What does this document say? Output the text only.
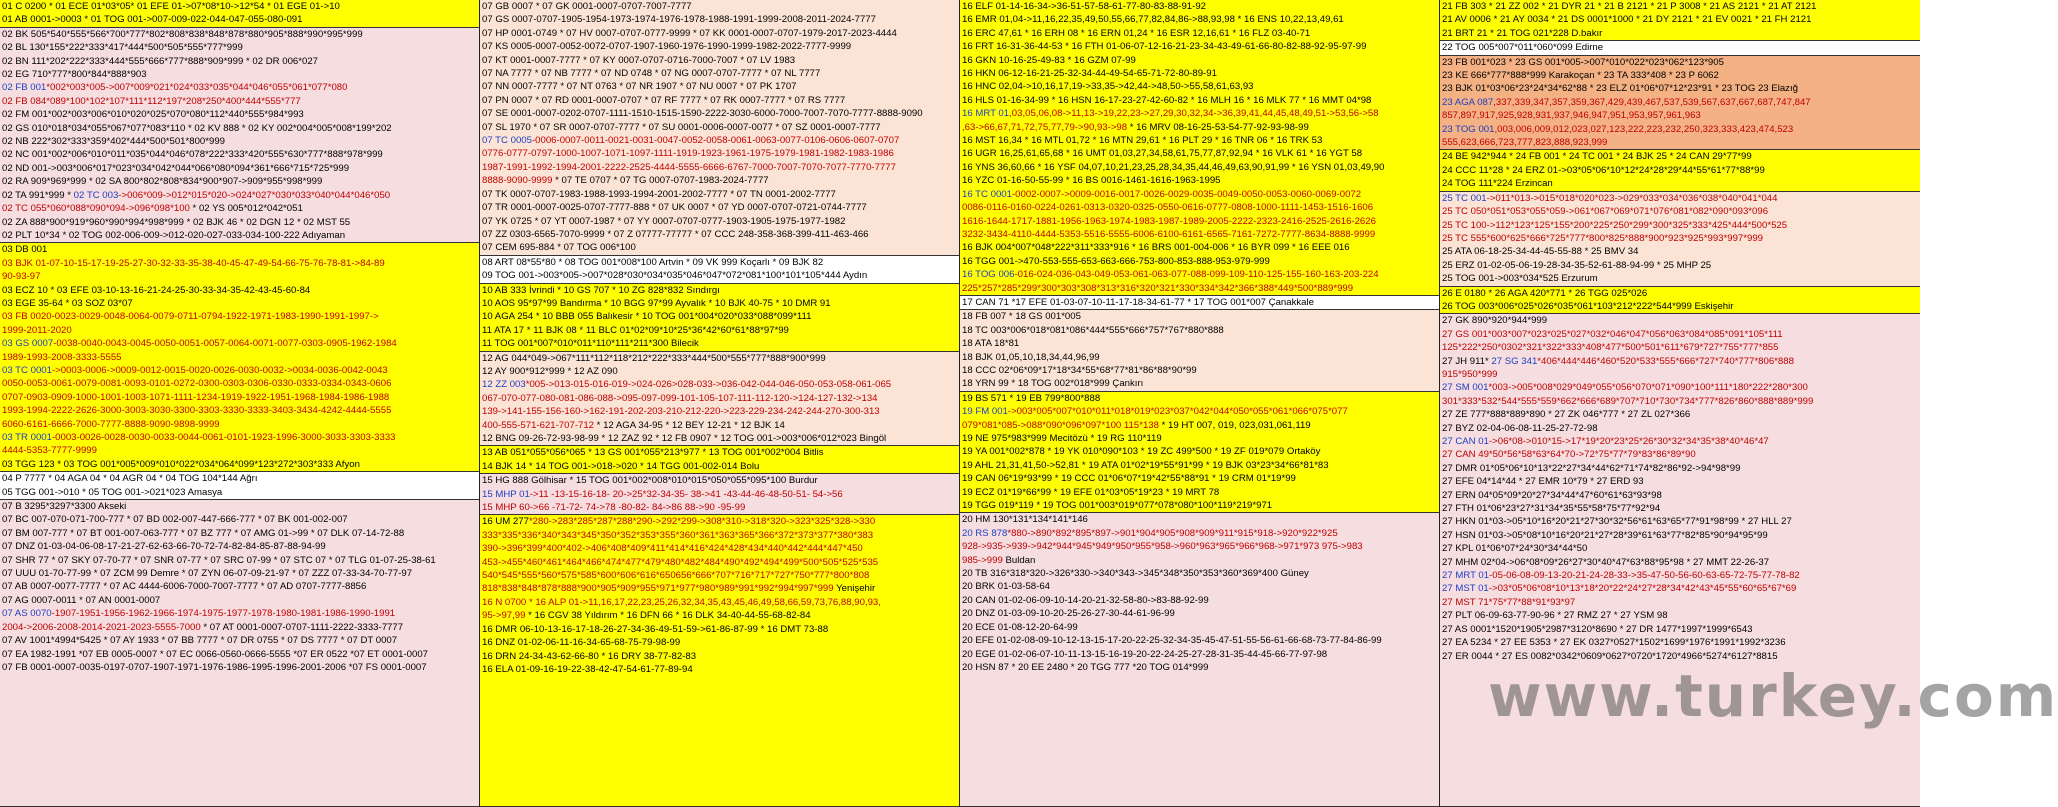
01 C 0200 * 01 ECE 01*03*05* 01 EFE 01->07*08*10->12*54 * 01 EGE 01->10
01 AB 0001->0003 * 01 TOG 001->007-009-022-044-047-055-080-091
02 BK 505*540*555*566*700*777*802*808*838*848*878*880*905*888*990*995*999
02 BL 130*155*222*333*417*444*500*505*555*777*999
02 BN 111*202*222*333*444*555*666*777*888*909*999 * 02 DR 006*027
02 EG 710*777*800*844*888*903
02 FB 001*002*003*005->007*009*021*024*033*035*044*046*055*061*077*080
02 FB 084*089*100*102*107*111*112*197*208*250*400*444*555*777
02 FM 001*002*003*006*010*020*025*070*080*112*440*555*984*993
02 GS 010*018*034*055*067*077*083*110 * 02 KV 888 * 02 KY 002*004*005*008*199*202
02 NB 222*302*333*359*402*444*500*501*800*999
02 NC 001*002*006*010*011*035*044*046*078*222*333*420*555*630*777*888*978*999
02 ND 001->003*006*017*023*034*042*044*066*080*094*361*666*715*725*999
02 RA 909*969*999 * 02 SA 800*802*808*834*900*907->909*955*998*999
02 TA 991*999 * 02 TC 003->006*009->012*015*020->024*027*030*033*040*044*046*050
02 TC 055*060*088*090*094->096*098*100 * 02 YS 005*012*042*051
02 ZA 888*900*919*960*990*994*998*999 * 02 BJK 46 * 02 DGN 12 * 02 MST 55
02 PLT 10*34 * 02 TOG 002-006-009->012-020-027-033-034-100-222 Adıyaman
03 DB 001
03 BJK 01-07-10-15-17-19-25-27-30-32-33-35-38-40-45-47-49-54-66-75-76-78-81->84-89
90-93-97
03 ECZ 10 * 03 EFE 03-10-13-16-21-24-25-30-33-34-35-42-43-45-60-84
03 EGE 35-64 * 03 SOZ 03*07
03 FB 0020-0023-0029-0048-0064-0079-0711-0794-1922-1971-1983-1990-1991-1997->
1999-2011-2020
03 GS 0007-0038-0040-0043-0045-0050-0051-0057-0064-0071-0077-0303-0905-1962-1984
1989-1993-2008-3333-5555
03 TC 0001->0003-0006->0009-0012-0015-0020-0026-0030-0032->0034-0036-0042-0043
0050-0053-0061-0079-0081-0093-0101-0272-0300-0303-0306-0330-0333-0334-0343-0606
0707-0903-0909-1000-1001-1003-1071-1111-1234-1919-1922-1951-1968-1984-1986-1988
1993-1994-2222-2626-3000-3003-3030-3300-3303-3330-3333-3403-3434-4242-4444-5555
6060-6161-6666-7000-7777-8888-9090-9898-9999
03 TR 0001-0003-0026-0028-0030-0033-0044-0061-0101-1923-1996-3000-3033-3303-3333
4444-5353-7777-9999
03 TGG 123 * 03 TOG 001*005*009*010*022*034*064*099*123*272*303*333 Afyon
04 P 7777 * 04 AGA 04 * 04 AGR 04 * 04 TOG 104*144 Ağrı
05 TGG 001->010 * 05 TOG 001->021*023 Amasya
07 B 3295*3297*3300 Akseki
07 BC 007-070-071-700-777 * 07 BD 002-007-447-666-777 * 07 BK 001-002-007
07 BM 007-777 * 07 BT 001-007-063-777 * 07 BZ 777 * 07 AMG 01->99 * 07 DLK 07-14-72-88
07 DNZ 01-03-04-06-08-17-21-27-62-63-66-70-72-74-82-84-85-87-88-94-99
07 SHR 77 * 07 SKY 07-70-77 * 07 SNR 07-77 * 07 SRC 07-99 * 07 STC 07 * 07 TLG 01-07-25-38-61
07 UUU 01-70-77-99 * 07 ZCM 99 Demre * 07 ZYN 06-07-09-21-97 * 07 ZZZ 07-33-34-70-77-97
07 AB 0007-0077-7777 * 07 AC 4444-6006-7000-7007-7777 * 07 AD 0707-7777-8856
07 AG 0007-0011 * 07 AN 0001-0007
07 AS 0070-1907-1951-1956-1962-1966-1974-1975-1977-1978-1980-1981-1986-1990-1991
2004->2006-2008-2014-2021-2023-5555-7000 * 07 AT 0001-0007-0707-1111-2222-3333-7777
07 AV 1001*4994*5425 * 07 AY 1933 * 07 BB 7777 * 07 DR 0755 * 07 DS 7777 * 07 DT 0007
07 EA 1982-1991 *07 EB 0005-0007 * 07 EC 0066-0560-0666-5555 *07 ER 0522 *07 ET 0001-0007
07 FB 0001-0007-0035-0197-0707-1907-1971-1976-1986-1995-1996-2001-2006 *07 FS 0001-0007
07 GB 0007 * 07 GK 0001-0007-0707-7007-7777
07 GS 0007-0707-1905-1954-1973-1974-1976-1978-1988-1991-1999-2008-2011-2024-7777
07 HP 0001-0749 * 07 HV 0007-0707-0777-9999 * 07 KK 0001-0007-0707-1979-2017-2023-4444
07 KS 0005-0007-0052-0072-0707-1907-1960-1976-1990-1999-1982-2022-7777-9999
07 KT 0001-0007-7777 * 07 KY 0007-0707-0716-7000-7007 * 07 LV 1983
07 NA 7777 * 07 NB 7777 * 07 ND 0748 * 07 NG 0007-0707-7777 * 07 NL 7777
07 NN 0007-7777 * 07 NT 0763 * 07 NR 1907 * 07 NU 0007 * 07 PK 1707
07 PN 0007 * 07 RD 0001-0007-0707 * 07 RF 7777 * 07 RK 0007-7777 * 07 RS 7777
07 SE 0001-0007-0202-0707-1111-1510-1515-1590-2222-3030-6000-7000-7007-7070-7777-8888-9090
07 SL 1970 * 07 SR 0007-0707-7777 * 07 SU 0001-0006-0007-0077 * 07 SZ 0001-0007-7777
07 TC 0005-0006-0007-0011-0021-0031-0047-0052-0058-0061-0063-0077-0106-0606-0607-0707
0776-0777-0797-1000-1007-1071-1097-1111-1919-1923-1961-1975-1979-1981-1982-1983-1986
1987-1991-1992-1994-2001-2222-2525-4444-5555-6666-6767-7000-7007-7070-7077-7770-7777
8888-9090-9999 * 07 TE 0707 * 07 TG 0007-0707-1983-2024-7777
07 TK 0007-0707-1983-1988-1993-1994-2001-2002-7777 * 07 TN 0001-2002-7777
07 TR 0001-0007-0025-0707-7777-888 * 07 UK 0007 * 07 YD 0007-0707-0721-0744-7777
07 YK 0725 * 07 YT 0007-1987 * 07 YY 0007-0707-0777-1903-1905-1975-1977-1982
07 ZZ 0303-6565-7070-9999 * 07 Z 07777-77777 * 07 CCC 248-358-368-399-411-463-466
07 CEM 695-884 * 07 TOG 006*100
08 ART 08*55*80 * 08 TOG 001*008*100 Artvin * 09 VK 999 Koçarlı * 09 BJK 82
09 TOG 001->003*005->007*028*030*034*035*046*047*072*081*100*101*105*444 Aydın
10 AB 333 İvrindi * 10 GS 707 * 10 ZG 828*832 Sındırgı
10 AOS 95*97*99 Bandırma * 10 BGG 97*99 Ayvalık * 10 BJK 40-75 * 10 DMR 91
10 AGA 254 * 10 BBB 055 Balıkesir * 10 TOG 001*004*020*033*088*099*111
11 ATA 17 * 11 BJK 08 * 11 BLC 01*02*09*10*25*36*42*60*61*88*97*99
11 TOG 001*007*010*011*110*111*211*300 Bilecik
12 AG 044*049->067*111*112*118*212*222*333*444*500*555*777*888*900*999
12 AY 900*912*999 * 12 AZ 090
12 ZZ 003*005->013-015-016-019->024-026>028-033->036-042-044-046-050-053-058-061-065
067-070-077-080-081-086-088->095-097-099-101-105-107-111-112-120->124-127-132->134
139->141-155-156-160->162-191-202-203-210-212-220->223-229-234-242-244-270-300-313
400-555-571-621-707-712 * 12 AGA 34-95 * 12 BEY 12-21 * 12 BJK 14
12 BNG 09-26-72-93-98-99 * 12 ZAZ 92 * 12 FB 0907 * 12 TOG 001->003*006*012*023 Bingöl
13 AB 051*055*056*065 * 13 GS 001*055*213*977 * 13 TOG 001*002*004 Bitlis
14 BJK 14 * 14 TOG 001->018->020 * 14 TGG 001-002-014 Bolu
15 HG 888 Gölhisar * 15 TOG 001*002*008*010*015*050*055*095*100 Burdur
15 MHP 01->11 -13-15-16-18- 20->25*32-34-35- 38->41 -43-44-46-48-50-51- 54->56
15 MHP 60->66 -71-72- 74->78 -80-82- 84->86 88->90 -95-99
16 UM 277*280->283*285*287*288*290->292*299->308*310->318*320->323*325*328->330
333*335*336*340*343*345*350*352*353*355*360*361*363*365*366*372*373*377*380*383
390->396*399*400*402->406*408*409*411*414*416*424*428*434*440*442*444*447*450
453->455*460*461*464*466*474*477*479*480*482*484*490*492*494*499*500*505*525*535
540*545*555*560*575*585*600*606*616*650656*666*707*716*717*727*750*777*800*808
818*838*848*878*888*900*905*909*955*971*977*980*989*991*992*994*997*999 Yenişehir
16 N 0700 * 16 ALP 01->11,16,17,22,23,25,26,32,34,35,43,45,46,49,58,66,59,73,76,88,90,93,
95->97,99 * 16 CGV 38 Yıldırım * 16 DFN 66 * 16 DLK 34-40-44-55-68-82-84
16 DMR 06-10-13-16-17-18-26-27-34-36-49-51-59->61-86-87-99 * 16 DMT 73-88
16 DNZ 01-02-06-11-16-34-65-68-75-79-98-99
16 DRN 24-34-43-62-66-80 * 16 DRY 38-77-82-83
16 ELA 01-09-16-19-22-38-42-47-54-61-77-89-94
16 ELF 01-14-16-34->36-51-57-58-61-77-80-83-88-91-92
16 EMR 01,04->11,16,22,35,49,50,55,66,77,82,84,86->88,93,98 * 16 ENS 10,22,13,49,61
16 ERC 47,61 * 16 ERH 08 * 16 ERN 01,24 * 16 ESR 12,16,61 * 16 FLZ 03-40-71
16 FRT 16-31-36-44-53 * 16 FTH 01-06-07-12-16-21-23-34-43-49-61-66-80-82-88-92-95-97-99
16 GKN 10-16-25-49-83 * 16 GZM 07-99
16 HKN 06-12-16-21-25-32-34-44-49-54-65-71-72-80-89-91
16 HNC 02,04->10,16,17,19->33,35->42,44->48,50->55,58,61,63,93
16 HLS 01-16-34-99 * 16 HSN 16-17-23-27-42-60-82 * 16 MLH 16 * 16 MLK 77 * 16 MMT 04*98
16 MRT 01,03,05,06,08->11,13->19,22,23->27,29,30,32,34->36,39,41,44,45,48,49,51->53,56->58
,63->66,67,71,72,75,77,79->90,93->98 * 16 MRV 08-16-25-53-54-77-92-93-98-99
16 MST 16,34 * 16 MTL 01,72 * 16 MTN 29,61 * 16 PLT 29 * 16 TNR 06 * 16 TRK 53
16 UGR 16,25,61,65,68 * 16 UMT 01,03,27,34,58,61,75,77,87,92,94 * 16 VLK 61 * 16 YGT 58
16 YNS 36,60,66 * 16 YSF 04,07,10,21,23,25,28,34,35,44,46,49,63,90,91,99 * 16 YSN 01,03,49,90
16 YZC 01-16-50-55-99 * 16 BS 0016-1461-1616-1963-1995
16 TC 0001-0002-0007->0009-0016-0017-0026-0029-0035-0049-0050-0053-0060-0069-0072
0086-0116-0160-0224-0261-0313-0320-0325-0550-0616-0777-0808-1000-1111-1453-1516-1606
1616-1644-1717-1881-1956-1963-1974-1983-1987-1989-2005-2222-2323-2416-2525-2616-2626
3232-3434-4110-4444-5353-5516-5555-6006-6100-6161-6565-7161-7272-7777-8634-8888-9999
16 BJK 004*007*048*222*311*333*916 * 16 BRS 001-004-006 * 16 BYR 099 * 16 EEE 016
16 TGG 001->470-553-555-653-663-666-753-800-853-888-953-979-999
16 TOG 006-016-024-036-043-049-053-061-063-077-088-099-109-110-125-155-160-163-203-224
225*257*285*299*300*303*308*313*316*320*321*330*334*342*366*388*449*500*889*999
17 CAN 71 *17 EFE 01-03-07-10-11-17-18-34-61-77 * 17 TOG 001*007 Çanakkale
18 FB 007 * 18 GS 001*005
18 TC 003*006*018*081*086*444*555*666*757*767*880*888
18 ATA 18*81
18 BJK 01,05,10,18,34,44,96,99
18 CCC 02*06*09*17*18*34*55*68*77*81*86*88*90*99
18 YRN 99 * 18 TOG 002*018*999 Çankırı
19 BS 571 * 19 EB 799*800*888
19 FM 001->003*005*007*010*011*018*019*023*037*042*044*050*055*061*066*075*077
079*081*085->088*090*096*097*100 115*138 * 19 HT 007, 019, 023,031,061,119
19 NE 975*983*999 Mecitözü * 19 RG 110*119
19 YA 001*002*878 * 19 YK 010*090*103 * 19 ZC 499*500 * 19 ZF 019*079 Ortaköy
19 AHL 21,31,41,50->52,81 * 19 ATA 01*02*19*55*91*99 * 19 BJK 03*23*34*66*81*83
19 CAN 06*19*93*99 * 19 CCC 01*06*07*19*42*55*88*91 * 19 CRM 01*19*99
19 ECZ 01*19*66*99 * 19 EFE 01*03*05*19*23 * 19 MRT 78
19 TGG 019*119 * 19 TOG 001*003*019*077*078*080*100*119*219*971
20 HM 130*131*134*141*146
20 RS 878*880->890*892*895*897->901*904*905*908*909*911*915*918->920*922*925
928->935->939->942*944*945*949*950*955*958->960*963*965*966*968->971*973 975->983
985->999 Buldan
20 TB 316*318*320->326*330->340*343->345*348*350*353*360*369*400 Güney
20 BRK 01-03-58-64
20 CAN 01-02-06-09-10-14-20-21-32-58-80->83-88-92-99
20 DNZ 01-03-09-10-20-25-26-27-30-44-61-96-99
20 ECE 01-08-12-20-64-99
20 EFE 01-02-08-09-10-12-13-15-17-20-22-25-32-34-35-45-47-51-55-56-61-66-68-73-77-84-86-99
20 EGE 01-02-06-07-10-11-13-15-16-19-20-22-24-25-27-28-31-35-44-45-66-77-97-98
20 HSN 87 * 20 EE 2480 * 20 TGG 777 *20 TOG 014*999
21 FB 303 * 21 ZZ 002 * 21 DYR 21 * 21 B 2121 * 21 P 3008 * 21 AS 2121 * 21 AT 2121
21 AV 0006 * 21 AY 0034 * 21 DS 0001*1000 * 21 DY 2121 * 21 EV 0021 * 21 FH 2121
21 BRT 21 * 21 TOG 021*228 D.bakır
22 TOG 005*007*011*060*099 Edirne
23 FB 001*023 * 23 GS 001*005->007*010*022*023*062*123*905
23 KE 666*777*888*999 Karakoçan * 23 TA 333*408 * 23 P 6062
23 BJK 01*03*06*23*24*34*62*88 * 23 ELZ 01*06*07*12*23*91 * 23 TOG 23 Elazığ
23 AGA 087,337,339,347,357,359,367,429,439,467,537,539,567,637,667,687,747,847
857,897,917,925,928,931,937,946,947,951,953,957,961,963
23 TOG 001,003,006,009,012,023,027,123,222,223,232,250,323,333,423,474,523
555,623,666,723,777,823,888,923,999
24 BE 942*944 * 24 FB 001 * 24 TC 001 * 24 BJK 25 * 24 CAN 29*77*99
24 CCC 11*28 * 24 ERZ 01->03*05*06*10*12*24*28*29*44*55*61*77*88*99
24 TOG 111*224 Erzincan
25 TC 001->011*013->015*018*020*023->029*033*034*036*038*040*041*044
25 TC 050*051*053*055*059->061*067*069*071*076*081*082*090*093*096
25 TC 100->112*123*125*155*200*225*250*299*300*325*333*425*444*500*525
25 TC 555*600*625*666*725*777*800*825*888*900*923*925*993*997*999
25 ATA 06-18-25-34-44-45-55-88 * 25 BMV 34
25 ERZ 01-02-05-06-19-28-34-35-52-61-88-94-99 * 25 MHP 25
25 TOG 001->003*034*525 Erzurum
26 E 0180 * 26 AGA 420*771 * 26 TGG 025*026
26 TOG 003*006*025*026*035*061*103*212*222*544*999 Eskişehir
27 GK 890*920*944*999
27 GS 001*003*007*023*025*027*032*046*047*056*063*084*085*091*105*111
125*222*250*0302*321*322*333*408*477*500*501*611*679*727*755*777*855
27 JH 911* 27 SG 341*406*444*446*460*520*533*555*666*727*740*777*806*888
915*950*999
27 SM 001*003->005*008*029*049*055*056*070*071*090*100*111*180*222*280*300
301*333*532*544*555*559*662*666*689*707*710*730*734*777*826*860*888*889*999
27 ZE 777*888*889*890 * 27 ZK 046*777 * 27 ZL 027*366
27 BYZ 02-04-06-08-11-25-27-72-98
27 CAN 01->06*08->010*15->17*19*20*23*25*26*30*32*34*35*38*40*46*47
27 CAN 49*50*56*58*63*64*70->72*75*77*79*83*86*89*90
27 DMR 01*05*06*10*13*22*27*34*44*62*71*74*82*86*92->94*98*99
27 EFE 04*14*44 * 27 EMR 10*79 * 27 ERD 93
27 ERN 04*05*09*20*27*34*44*47*60*61*63*93*98
27 FTH 01*06*23*27*31*34*35*55*58*75*77*92*94
27 HKN 01*03->05*10*16*20*21*27*30*32*56*61*63*65*77*91*98*99 * 27 HLL 27
27 HSN 01*03->05*08*10*16*20*21*27*28*39*61*63*77*82*85*90*94*95*99
27 KPL 01*06*07*24*30*34*44*50
27 MHM 02*04->06*08*09*26*27*30*40*47*63*88*95*98 * 27 MMT 22-26-37
27 MRT 01-05-06-08-09-13-20-21-24-28-33->35-47-50-56-60-63-65-72-75-77-78-82
27 MST 01->03*05*06*08*10*13*18*20*22*24*27*28*34*42*43*45*55*60*65*67*69
27 MST 71*75*77*88*91*93*97
27 PLT 06-09-63-77-90-96 * 27 RMZ 27 * 27 YSM 98
27 AS 0001*1520*1905*2987*3120*8690 * 27 DR 1477*1997*1999*6543
27 EA 5234 * 27 EE 5353 * 27 EK 0327*0527*1502*1699*1976*1991*1992*3236
27 ER 0044 * 27 ES 0082*0342*0609*0627*0720*1720*4966*5274*6127*8815
www.turkey.com
